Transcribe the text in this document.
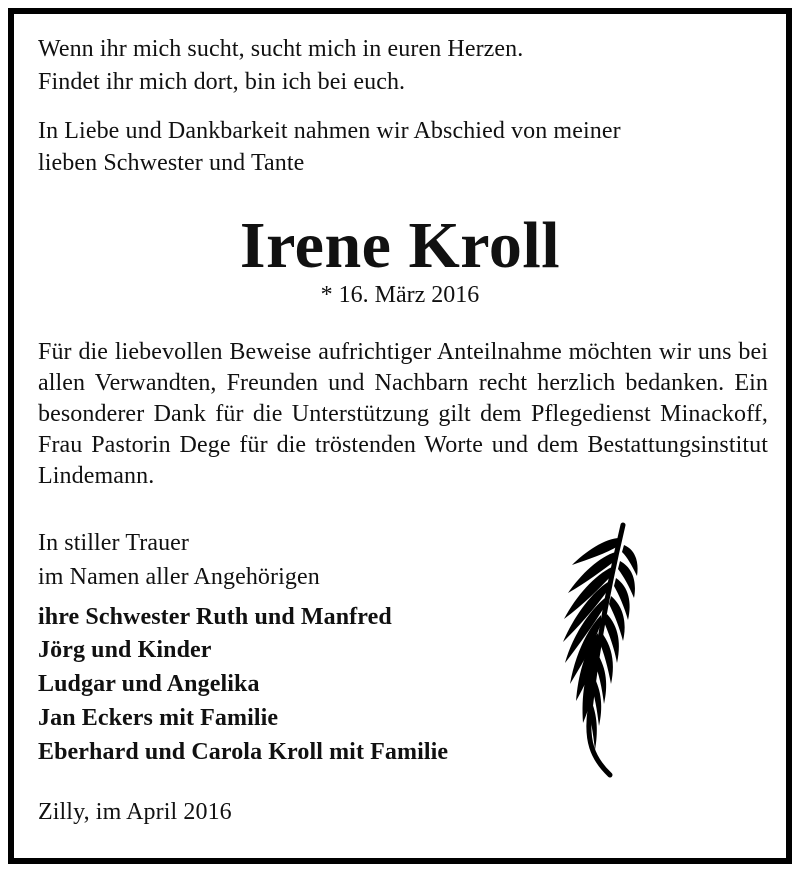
Wenn ihr mich sucht, sucht mich in euren Herzen.
Findet ihr mich dort, bin ich bei euch.
In Liebe und Dankbarkeit nahmen wir Abschied von meiner
lieben Schwester und Tante
Irene Kroll
* 16. März 2016
Für die liebevollen Beweise aufrichtiger Anteilnahme möchten wir uns bei allen Verwandten, Freunden und Nachbarn recht herzlich bedanken. Ein besonderer Dank für die Unterstützung gilt dem Pflegedienst Minackoff, Frau Pastorin Dege für die tröstenden Worte und dem Bestattungsinstitut Lindemann.
In stiller Trauer
im Namen aller Angehörigen
ihre Schwester Ruth und Manfred
Jörg und Kinder
Ludgar und Angelika
Jan Eckers mit Familie
Eberhard und Carola Kroll mit Familie
Zilly, im April 2016
